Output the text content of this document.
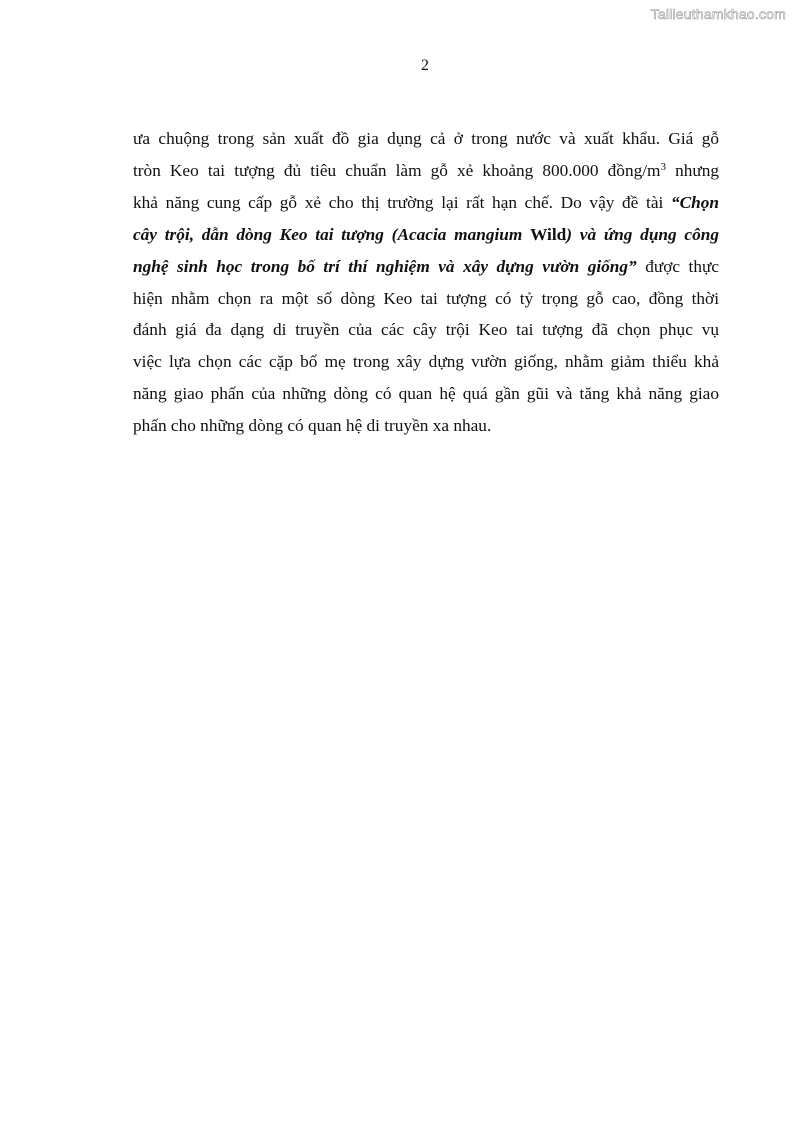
Tailieuthamkhao.com
2
ưa chuộng trong sản xuất đồ gia dụng cả ở trong nước và xuất khẩu. Giá gỗ
tròn Keo tai tượng đủ tiêu chuẩn làm gỗ xẻ khoảng 800.000 đồng/$m^3$ nhưng
khả năng cung cấp gỗ xẻ cho thị trường lại rất hạn chế. Do vậy đề tài “Chọn
cây trội, dẫn dòng Keo tai tượng (Acacia mangium Wild) và ứng dụng công
nghệ sinh học trong bố trí thí nghiệm và xây dựng vườn giống” được thực
hiện nhằm chọn ra một số dòng Keo tai tượng có tỷ trọng gỗ cao, đồng thời
đánh giá đa dạng di truyền của các cây trội Keo tai tượng đã chọn phục vụ
việc lựa chọn các cặp bố mẹ trong xây dựng vườn giống, nhằm giảm thiểu khả
năng giao phấn của những dòng có quan hệ quá gần gũi và tăng khả năng giao
phấn cho những dòng có quan hệ di truyền xa nhau.
